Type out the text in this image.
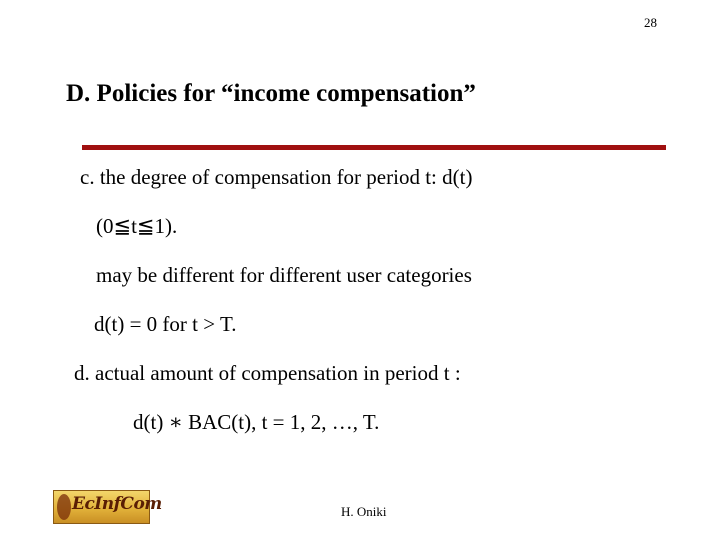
28
D. Policies for “income compensation”
c. the degree of compensation for period t: d(t)
(0≦t≦1).
may be different for different user categories
d(t) = 0 for t > T.
d. actual amount of compensation in period t :
d(t) ∗ BAC(t), t = 1, 2, …, T.
EcInfCom	H. Oniki
